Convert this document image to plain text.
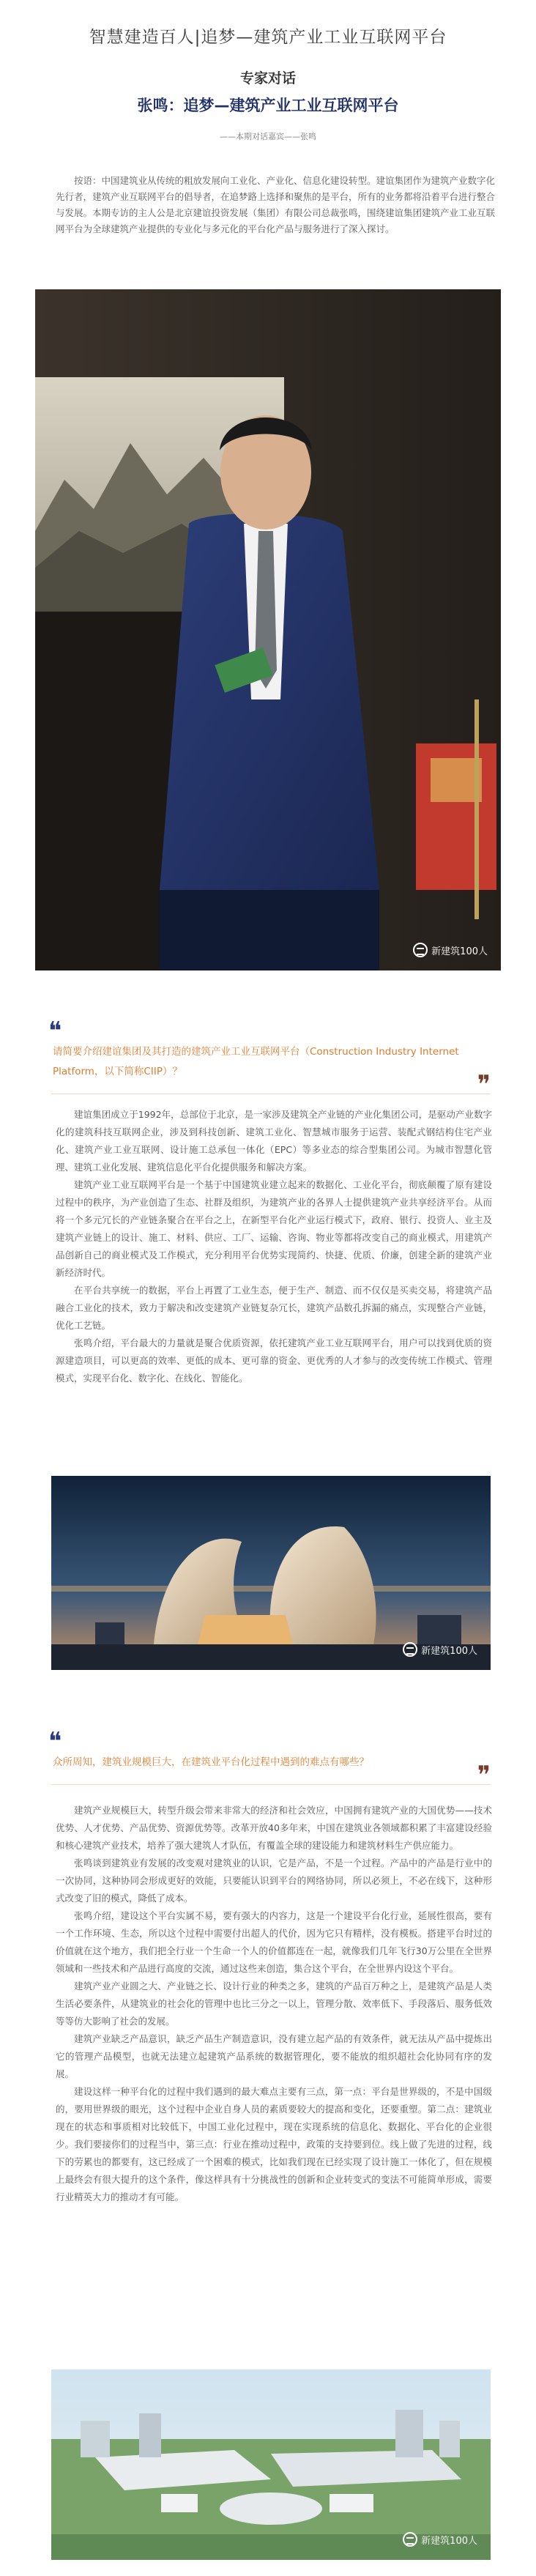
智慧建造百人|追梦—建筑产业工业互联网平台
专家对话
张鸣：追梦—建筑产业工业互联网平台
——本期对话嘉宾——张鸣
按语：中国建筑业从传统的粗放发展向工业化、产业化、信息化建设转型。建谊集团作为建筑产业数字化先行者，建筑产业互联网平台的倡导者，在追梦路上选择和聚焦的是平台，所有的业务都将沿着平台进行整合与发展。本期专访的主人公是北京建谊投资发展（集团）有限公司总裁张鸣，围绕建谊集团建筑产业工业互联网平台为全球建筑产业提供的专业化与多元化的平台化产品与服务进行了深入探讨。
新建筑100人
❝
请简要介绍建谊集团及其打造的建筑产业工业互联网平台（Construction Industry Internet Platform，以下简称CIIP）？	❞

建谊集团成立于1992年，总部位于北京，是一家涉及建筑全产业链的产业化集团公司，是驱动产业数字化的建筑科技互联网企业，涉及到科技创新、建筑工业化、智慧城市服务于运营、装配式钢结构住宅产业化、建筑产业工业互联网、设计施工总承包一体化（EPC）等多业态的综合型集团公司。为城市智慧化管理、建筑工业化发展、建筑信息化平台化提供服务和解决方案。

建筑产业工业互联网平台是一个基于中国建筑业建立起来的数据化、工业化平台，彻底颠覆了原有建设过程中的秩序，为产业创造了生态、社群及组织，为建筑产业的各界人士提供建筑产业共享经济平台。从而将一个多元冗长的产业链条聚合在平台之上，在新型平台化产业运行模式下，政府、银行、投资人、业主及建筑产业链上的设计、施工、材料、供应、工厂、运输、咨询、物业等都将改变自己的商业模式，用建筑产品创新自己的商业模式及工作模式，充分利用平台优势实现简约、快捷、优质、价廉，创建全新的建筑产业新经济时代。

在平台共享统一的数据，平台上再置了工业生态，便于生产、制造、而不仅仅是买卖交易，将建筑产品融合工业化的技术，致力于解决和改变建筑产业链复杂冗长，建筑产品数孔拆漏的痛点，实现整合产业链，优化工艺链。

张鸣介绍，平台最大的力量就是聚合优质资源，依托建筑产业工业互联网平台，用户可以找到优质的资源建造项目，可以更高的效率、更低的成本、更可靠的资金、更优秀的人才参与的改变传统工作模式、管理模式，实现平台化、数字化、在线化、智能化。

新建筑100人
❝
众所周知，建筑业规模巨大，在建筑业平台化过程中遇到的难点有哪些？	❞

建筑产业规模巨大，转型升级会带来非常大的经济和社会效应，中国拥有建筑产业的大国优势——技术优势、人才优势、产品优势、资源优势等。改革开放40多年来，中国在建筑业各领域都积累了丰富建设经验和核心建筑产业技术，培养了强大建筑人才队伍，有覆盖全球的建设能力和建筑材料生产供应能力。

张鸣谈到建筑业有发展的改变观对建筑业的认识，它是产品，不是一个过程。产品中的产品是行业中的一次协同，这种协同会形成更好的效能，只要能认识到平台的网络协同，所以必须上，不必在线下，这种形式改变了旧的模式，降低了成本。

张鸣介绍，建设这个平台实属不易，要有强大的内容力，这是一个建设平台化行业，延展性很高，要有一个工作环境、生态，所以这个过程中需要付出超人的代价，因为它只有精样，没有模板。搭建平台时过的价值就在这个地方，我们把全行业一个生命一个人的价值都连在一起，就像我们几年飞行30万公里在全世界领域和一些技术和产品进行高度的交流，通过这些来创造，集合这个平台，在全世界内设这个平台。

建筑产业产业圆之大、产业链之长、设计行业的种类之多，建筑的产品百万种之上，是建筑产品是人类生活必要条件，从建筑业的社会化的管理中也比三分之一以上，管理分散、效率低下、手段落后、服务低效等等仿大影响了社会的发展。

建筑产业缺乏产品意识，缺乏产品生产制造意识，没有建立起产品的有效条件，就无法从产品中提炼出它的管理产品模型，也就无法建立起建筑产品系统的数据管理化，要不能放的组织超社会化协同有序的发展。

建设这样一种平台化的过程中我们遇到的最大难点主要有三点，第一点：平台是世界级的，不是中国级的，要用世界级的眼光，这个过程中企业自身人员的素质要较大的提高和变化，还要重塑。第二点：建筑业现在的状态和事质相对比较低下，中国工业化过程中，现在实现系统的信息化、数据化、平台化的企业很少。我们要接你们的过程当中，第三点：行业在推动过程中，政策的支持要到位。线上做了先进的过程，线下的劳累也的都要有，这已经成了一个困难的模式，比如我们现在已经实现了设计施工一体化了，但在规模上最终会有很大提升的这个条件，像这样具有十分挑战性的创新和企业转变式的变法不可能简单形成，需要行业精英大力的推动才有可能。

新建筑100人
